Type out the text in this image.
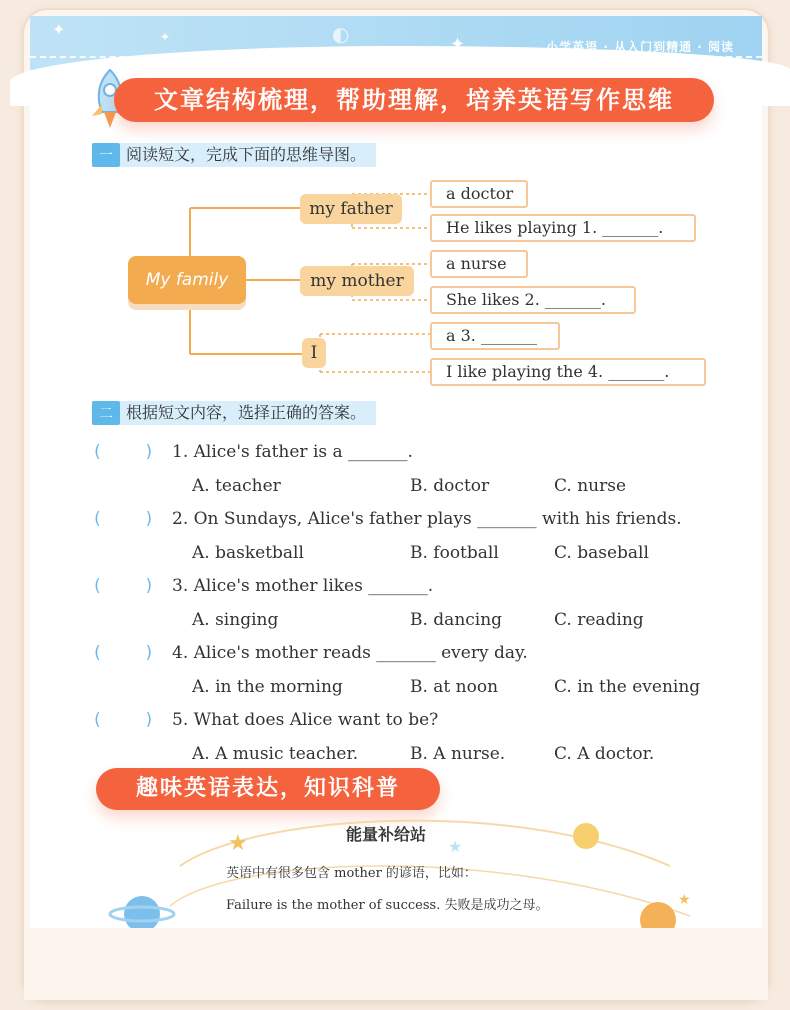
✦	✦	✦
◐
小学英语 · 从入门到精通 · 阅读
文章结构梳理，帮助理解，培养英语写作思维
一 阅读短文，完成下面的思维导图。
My family
my father
my mother
I
a doctor
He likes playing 1. _______.
a nurse
She likes 2. _______.
a 3. _______
I like playing the 4. _______.
二 根据短文内容，选择正确的答案。
( ) 1. Alice's father is a _______.
A. teacher	B. doctor	C. nurse
( ) 2. On Sundays, Alice's father plays _______ with his friends.
A. basketball	B. football	C. baseball
( ) 3. Alice's mother likes _______.
A. singing	B. dancing	C. reading
( ) 4. Alice's mother reads _______ every day.
A. in the morning	B. at noon	C. in the evening
( ) 5. What does Alice want to be?
A. A music teacher.	B. A nurse.	C. A doctor.
趣味英语表达，知识科普
★	★
★
能量补给站
英语中有很多包含 mother 的谚语，比如：
Failure is the mother of success. 失败是成功之母。
